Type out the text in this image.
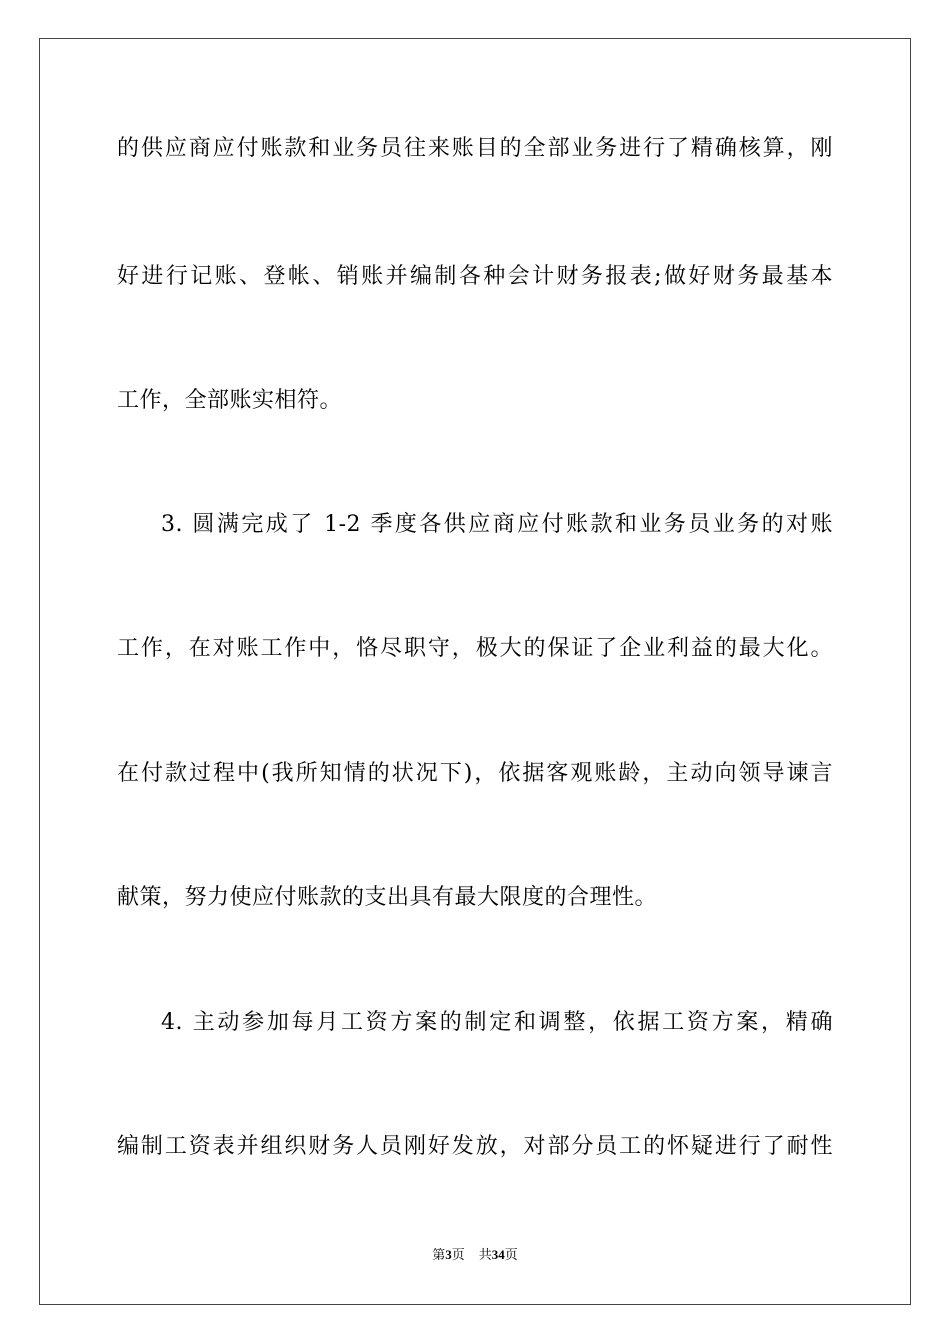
的供应商应付账款和业务员往来账目的全部业务进行了精确核算，刚
好进行记账、登帐、销账并编制各种会计财务报表;做好财务最基本
工作，全部账实相符。
3. 圆满完成了 1-2 季度各供应商应付账款和业务员业务的对账
工作，在对账工作中，恪尽职守，极大的保证了企业利益的最大化。
在付款过程中(我所知情的状况下)，依据客观账龄，主动向领导谏言
献策，努力使应付账款的支出具有最大限度的合理性。
4. 主动参加每月工资方案的制定和调整，依据工资方案，精确
编制工资表并组织财务人员刚好发放，对部分员工的怀疑进行了耐性
第3页 共34页
